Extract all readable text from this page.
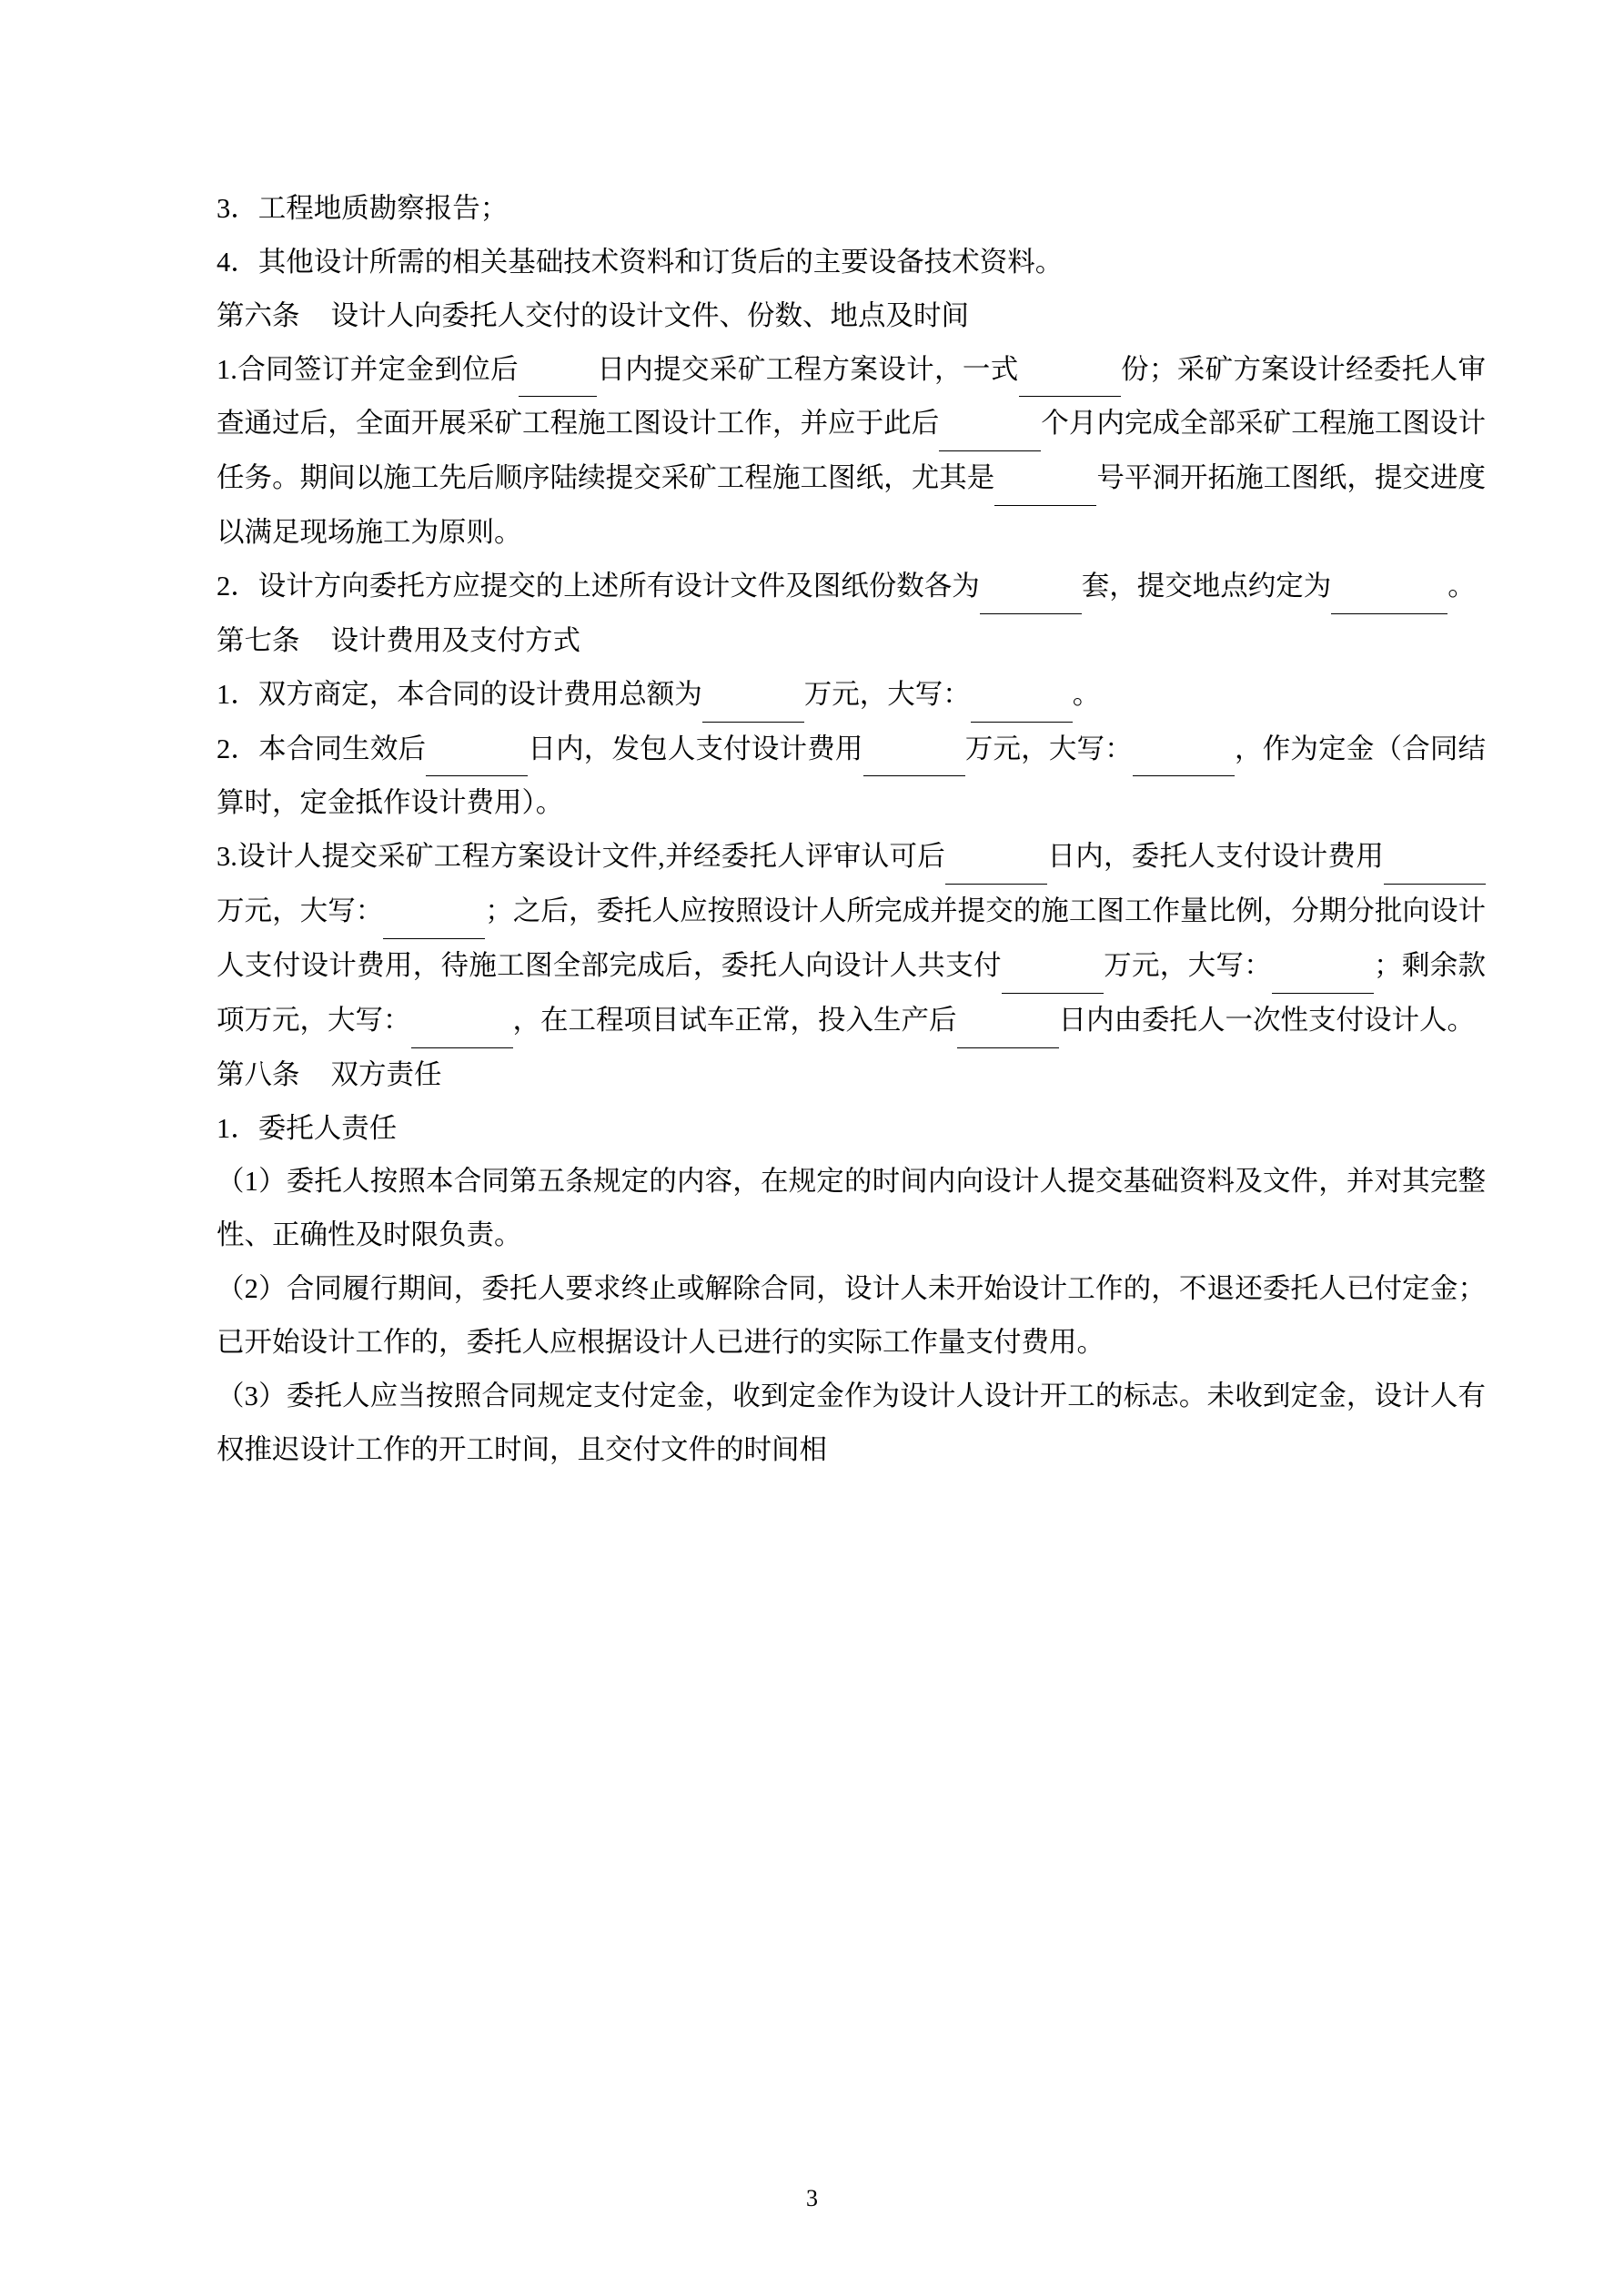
3．工程地质勘察报告；

4．其他设计所需的相关基础技术资料和订货后的主要设备技术资料。

第六条 设计人向委托人交付的设计文件、份数、地点及时间

1.合同签订并定金到位后	日内提交采矿工程方案设计，一式	份；采矿方案设计经委托人审查通过后，全面开展采矿工程施工图设计工作，并应于此后	个月内完成全部采矿工程施工图设计任务。期间以施工先后顺序陆续提交采矿工程施工图纸，尤其是	号平洞开拓施工图纸，提交进度以满足现场施工为原则。

2．设计方向委托方应提交的上述所有设计文件及图纸份数各为	套，提交地点约定为	。

第七条 设计费用及支付方式

1．双方商定，本合同的设计费用总额为	万元，大写：	。

2．本合同生效后	日内，发包人支付设计费用	万元，大写：	，作为定金（合同结算时，定金抵作设计费用）。

3.设计人提交采矿工程方案设计文件,并经委托人评审认可后	日内，委托人支付设计费用 万元，大写：	；之后，委托人应按照设计人所完成并提交的施工图工作量比例，分期分批向设计人支付设计费用，待施工图全部完成后，委托人向设计人共支付	万元，大写：	；剩余款项万元，大写：	，在工程项目试车正常，投入生产后	日内由委托人一次性支付设计人。

第八条 双方责任

1．委托人责任

（1）委托人按照本合同第五条规定的内容，在规定的时间内向设计人提交基础资料及文件，并对其完整性、正确性及时限负责。

（2）合同履行期间，委托人要求终止或解除合同，设计人未开始设计工作的，不退还委托人已付定金；已开始设计工作的，委托人应根据设计人已进行的实际工作量支付费用。

（3）委托人应当按照合同规定支付定金，收到定金作为设计人设计开工的标志。未收到定金，设计人有权推迟设计工作的开工时间，且交付文件的时间相

3
